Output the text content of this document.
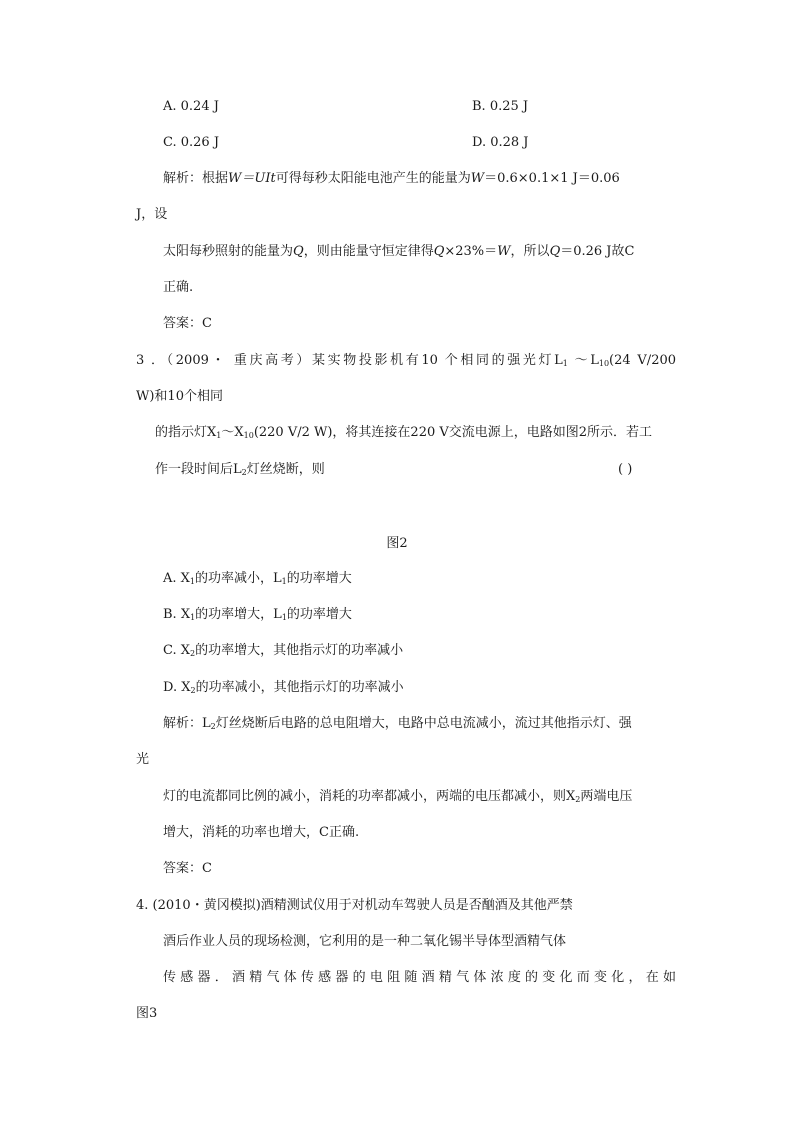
A. 0.24 J	B. 0.25 J
C. 0.26 J	D. 0.28 J
解析：根据W＝UIt可得每秒太阳能电池产生的能量为W＝0.6×0.1×1 J＝0.06
J，设
太阳每秒照射的能量为Q，则由能量守恒定律得Q×23%＝W，所以Q＝0.26 J故C
正确.
答案：C
3 ．（2009・ 重庆高考）某实物投影机有10 个相同的强光灯$L_1$ $\sim L_{10}(24$ V/200
W)和10个相同
的指示灯$X_1\sim X_{10}(220$ V/2 W)，将其连接在220 V交流电源上，电路如图2所示．若工
作一段时间后$L_2$灯丝烧断，则	( )
图2
A. $X_1$的功率减小，$L_1$的功率增大
B. $X_1$的功率增大，$L_1$的功率增大
C. $X_2$的功率增大，其他指示灯的功率减小
D. $X_2$的功率减小，其他指示灯的功率减小
解析：$L_2$灯丝烧断后电路的总电阻增大，电路中总电流减小，流过其他指示灯、强
光
灯的电流都同比例的减小，消耗的功率都减小，两端的电压都减小，则$X_2$两端电压
增大，消耗的功率也增大，C正确.
答案：C
4. (2010・黄冈模拟)酒精测试仪用于对机动车驾驶人员是否酗酒及其他严禁
酒后作业人员的现场检测，它利用的是一种二氧化锡半导体型酒精气体
传感器．酒精气体传感器的电阻随酒精气体浓度的变化而变化，在如
图3
